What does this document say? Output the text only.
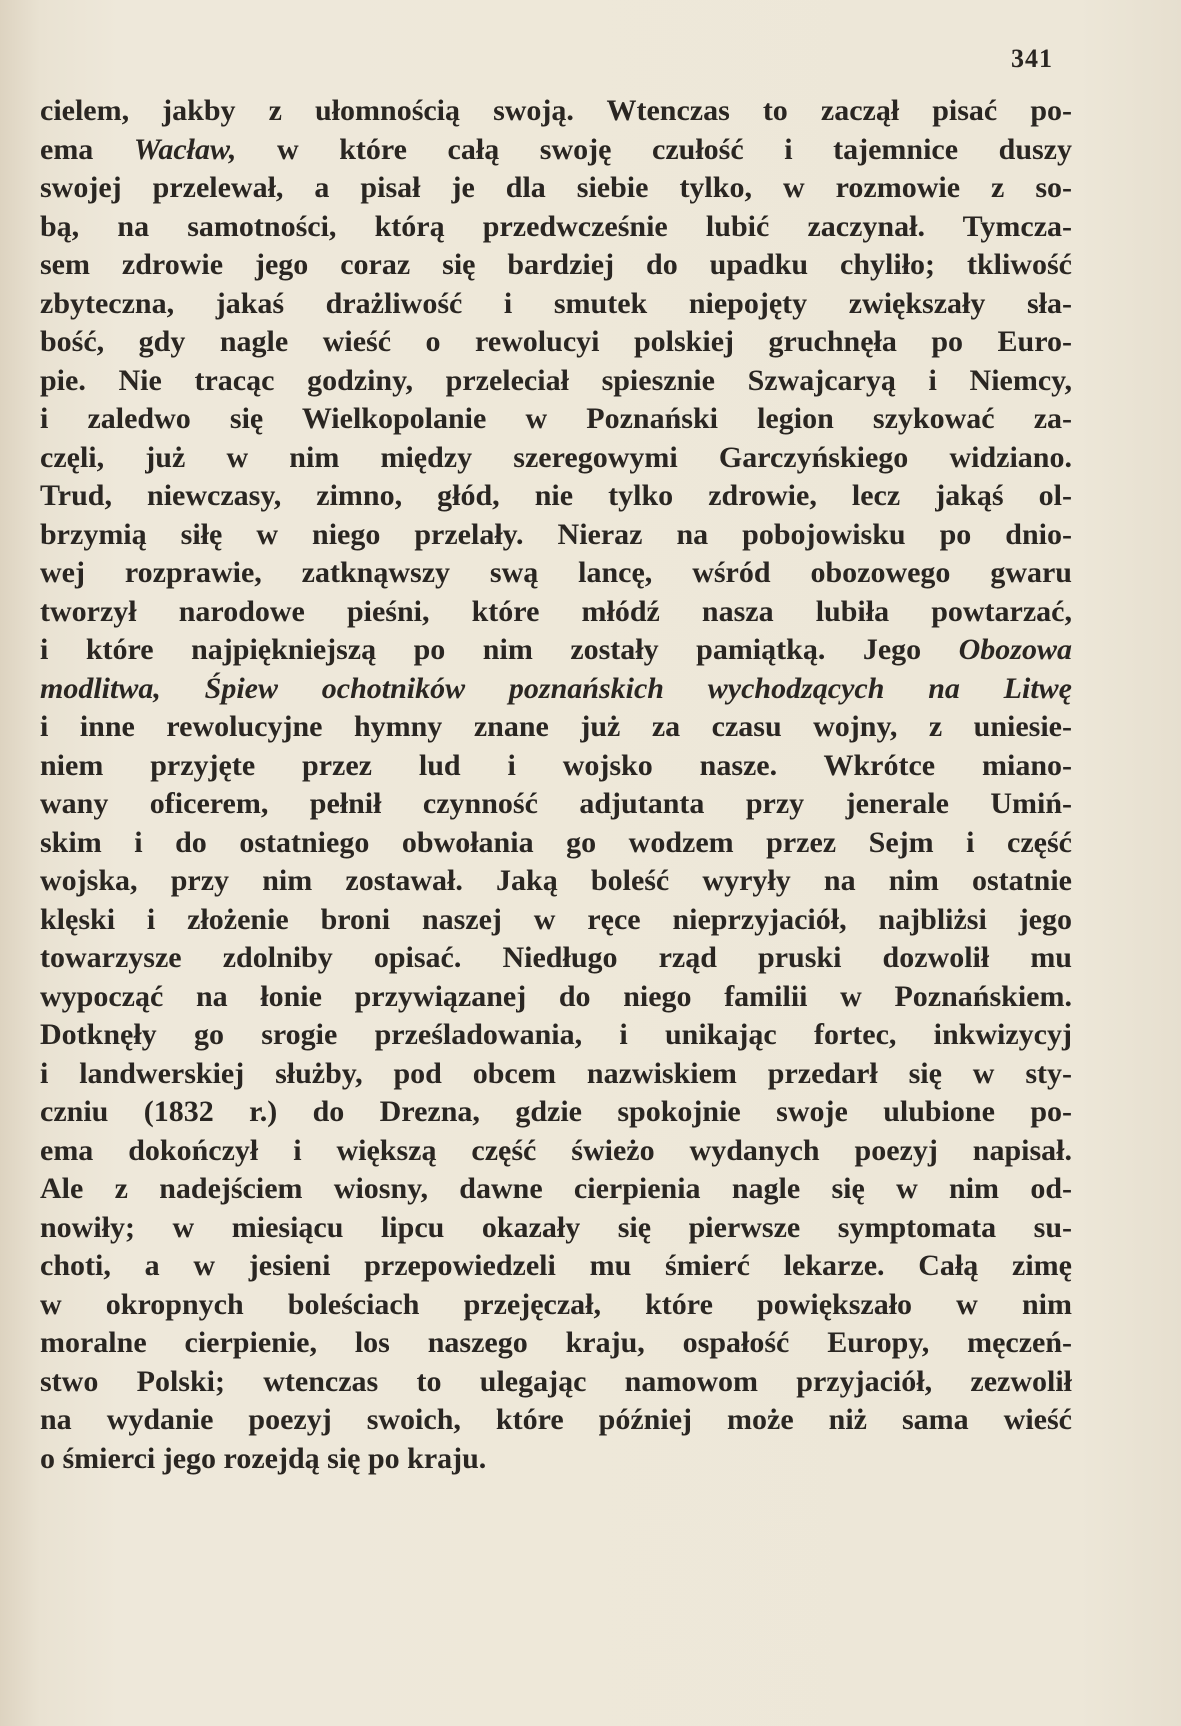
341
cielem, jakby z ułomnością swoją. Wtenczas to zaczął pisać po-
ema Wacław, w które całą swoję czułość i tajemnice duszy
swojej przelewał, a pisał je dla siebie tylko, w rozmowie z so-
bą, na samotności, którą przedwcześnie lubić zaczynał. Tymcza-
sem zdrowie jego coraz się bardziej do upadku chyliło; tkliwość
zbyteczna, jakaś drażliwość i smutek niepojęty zwiększały sła-
bość, gdy nagle wieść o rewolucyi polskiej gruchnęła po Euro-
pie. Nie tracąc godziny, przeleciał spiesznie Szwajcaryą i Niemcy,
i zaledwo się Wielkopolanie w Poznański legion szykować za-
częli, już w nim między szeregowymi Garczyńskiego widziano.
Trud, niewczasy, zimno, głód, nie tylko zdrowie, lecz jakąś ol-
brzymią siłę w niego przelały. Nieraz na pobojowisku po dnio-
wej rozprawie, zatknąwszy swą lancę, wśród obozowego gwaru
tworzył narodowe pieśni, które młódź nasza lubiła powtarzać,
i które najpiękniejszą po nim zostały pamiątką. Jego Obozowa
modlitwa, Śpiew ochotników poznańskich wychodzących na Litwę
i inne rewolucyjne hymny znane już za czasu wojny, z uniesie-
niem przyjęte przez lud i wojsko nasze. Wkrótce miano-
wany oficerem, pełnił czynność adjutanta przy jenerale Umiń-
skim i do ostatniego obwołania go wodzem przez Sejm i część
wojska, przy nim zostawał. Jaką boleść wyryły na nim ostatnie
klęski i złożenie broni naszej w ręce nieprzyjaciół, najbliżsi jego
towarzysze zdolniby opisać. Niedługo rząd pruski dozwolił mu
wypocząć na łonie przywiązanej do niego familii w Poznańskiem.
Dotknęły go srogie prześladowania, i unikając fortec, inkwizycyj
i landwerskiej służby, pod obcem nazwiskiem przedarł się w sty-
czniu (1832 r.) do Drezna, gdzie spokojnie swoje ulubione po-
ema dokończył i większą część świeżo wydanych poezyj napisał.
Ale z nadejściem wiosny, dawne cierpienia nagle się w nim od-
nowiły; w miesiącu lipcu okazały się pierwsze symptomata su-
choti, a w jesieni przepowiedzeli mu śmierć lekarze. Całą zimę
w okropnych boleściach przejęczał, które powiększało w nim
moralne cierpienie, los naszego kraju, ospałość Europy, męczeń-
stwo Polski; wtenczas to ulegając namowom przyjaciół, zezwolił
na wydanie poezyj swoich, które później może niż sama wieść
o śmierci jego rozejdą się po kraju.
